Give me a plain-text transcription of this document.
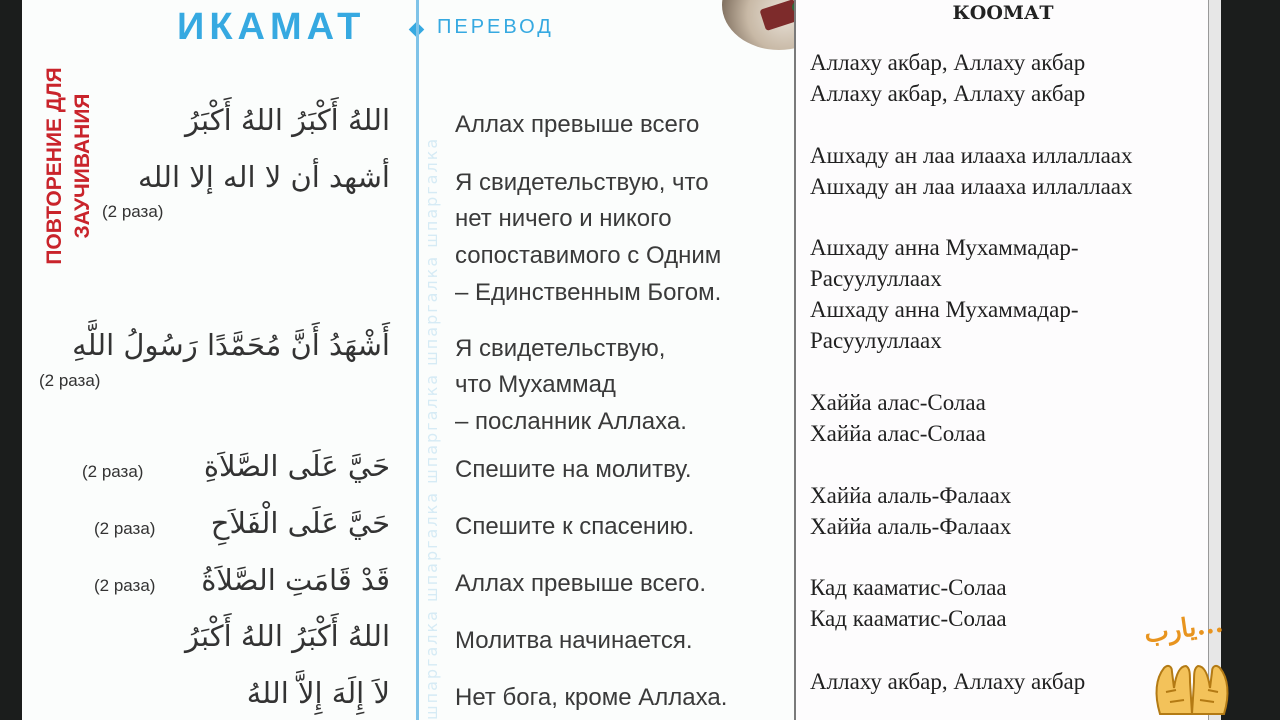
ПОВТОРЕНИЕ ДЛЯ ЗАУЧИВАНИЯ
ИКАМАТ	ПЕРЕВОД
шпаргалка шпаргалка шпаргалка шпаргалка шпаргалка
اللهُ أَكْبَرُ اللهُ أَكْبَرُ
أشهد أن لا اله إلا الله
(2 раза)
أَشْهَدُ أَنَّ مُحَمَّدًا رَسُولُ اللَّهِ
(2 раза)
حَيَّ عَلَى الصَّلاَةِ
(2 раза)
حَيَّ عَلَى الْفَلاَحِ
(2 раза)
قَدْ قَامَتِ الصَّلاَةُ
(2 раза)
اللهُ أَكْبَرُ اللهُ أَكْبَرُ
لاَ إِلَهَ إِلاَّ اللهُ
Аллах превыше всего
Я свидетельствую, что
нет ничего и никого
сопоставимого с Одним
– Единственным Богом.
Я свидетельствую,
что Мухаммад
– посланник Аллаха.
Спешите на молитву.
Спешите к спасению.
Аллах превыше всего.
Молитва начинается.
Нет бога, кроме Аллаха.
КООМАТ
Аллаху акбар, Аллаху акбар
Аллаху акбар, Аллаху акбар
Ашхаду ан лаа илааха иллаллаах
Ашхаду ан лаа илааха иллаллаах
Ашхаду анна Мухаммадар-
Расуулуллаах
Ашхаду анна Мухаммадар-
Расуулуллаах
Хаййа алас-Солаа
Хаййа алас-Солаа
Хаййа алаль-Фалаах
Хаййа алаль-Фалаах
Кад кааматис-Солаа
Кад кааматис-Солаа
Аллаху акбар, Аллаху акбар
يارب...
